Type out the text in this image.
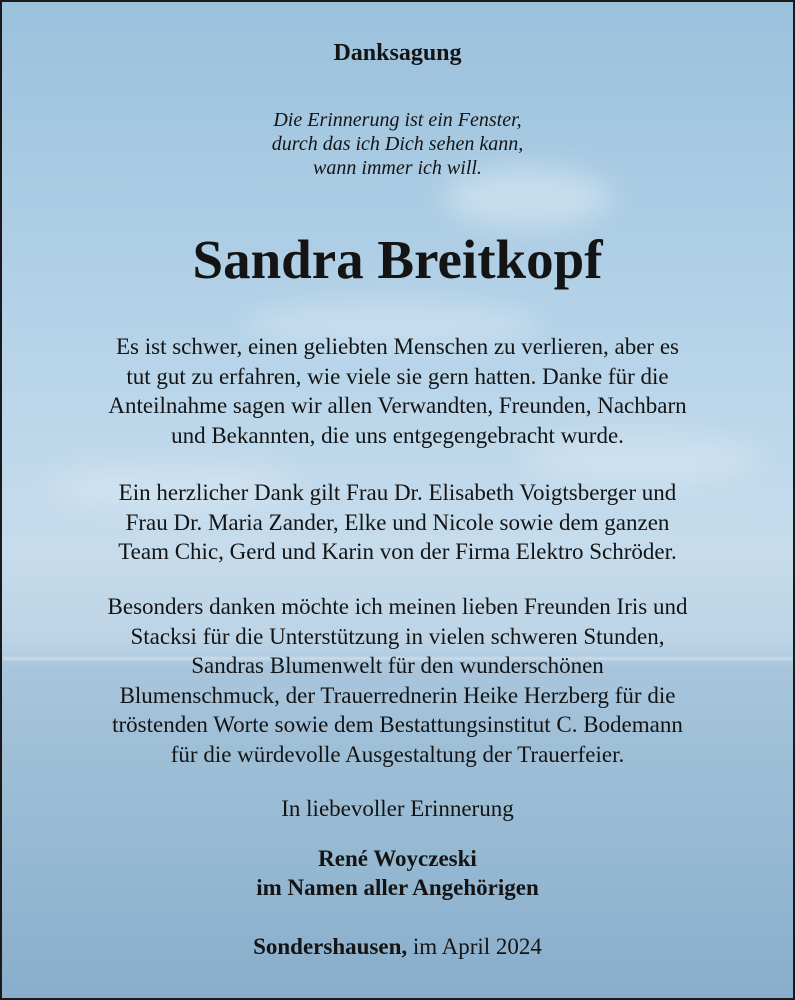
Danksagung
Die Erinnerung ist ein Fenster,
durch das ich Dich sehen kann,
wann immer ich will.
Sandra Breitkopf
Es ist schwer, einen geliebten Menschen zu verlieren, aber es
tut gut zu erfahren, wie viele sie gern hatten. Danke für die
Anteilnahme sagen wir allen Verwandten, Freunden, Nachbarn
und Bekannten, die uns entgegengebracht wurde.
Ein herzlicher Dank gilt Frau Dr. Elisabeth Voigtsberger und
Frau Dr. Maria Zander, Elke und Nicole sowie dem ganzen
Team Chic, Gerd und Karin von der Firma Elektro Schröder.
Besonders danken möchte ich meinen lieben Freunden Iris und
Stacksi für die Unterstützung in vielen schweren Stunden,
Sandras Blumenwelt für den wunderschönen
Blumenschmuck, der Trauerrednerin Heike Herzberg für die
tröstenden Worte sowie dem Bestattungsinstitut C. Bodemann
für die würdevolle Ausgestaltung der Trauerfeier.
In liebevoller Erinnerung
René Woyczeski
im Namen aller Angehörigen
Sondershausen, im April 2024
